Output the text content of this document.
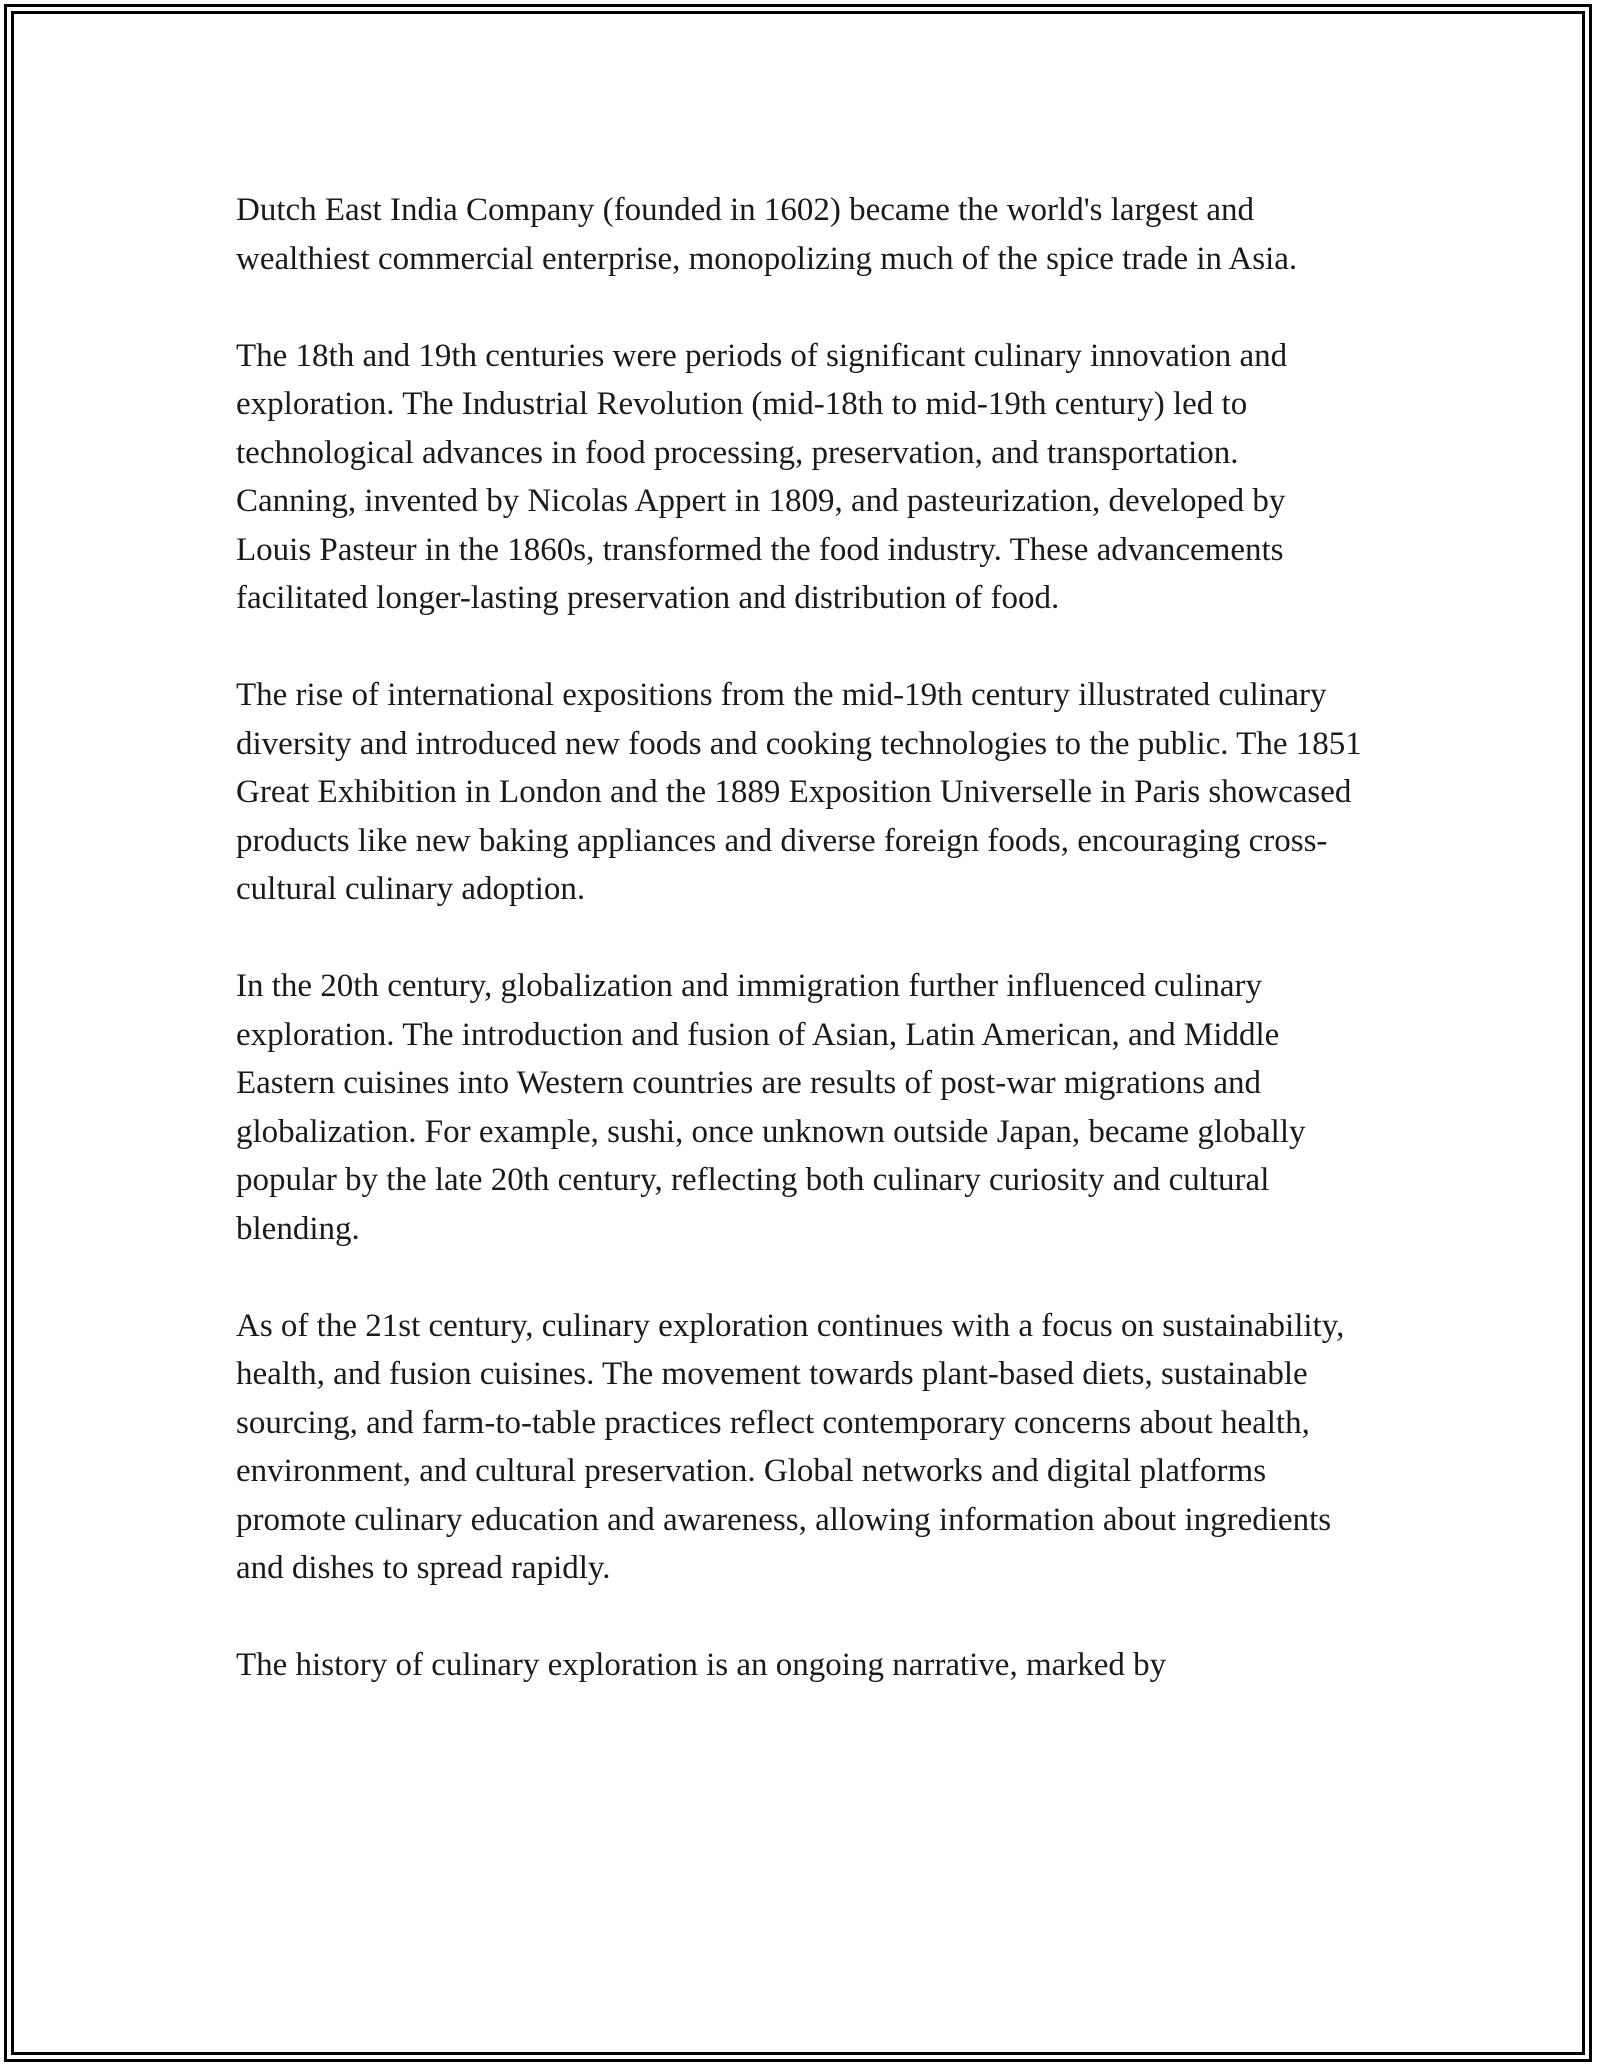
Dutch East India Company (founded in 1602) became the world's largest and wealthiest commercial enterprise, monopolizing much of the spice trade in Asia.

The 18th and 19th centuries were periods of significant culinary innovation and exploration. The Industrial Revolution (mid-18th to mid-19th century) led to technological advances in food processing, preservation, and transportation. Canning, invented by Nicolas Appert in 1809, and pasteurization, developed by Louis Pasteur in the 1860s, transformed the food industry. These advancements facilitated longer-lasting preservation and distribution of food.

The rise of international expositions from the mid-19th century illustrated culinary diversity and introduced new foods and cooking technologies to the public. The 1851 Great Exhibition in London and the 1889 Exposition Universelle in Paris showcased products like new baking appliances and diverse foreign foods, encouraging cross-cultural culinary adoption.

In the 20th century, globalization and immigration further influenced culinary exploration. The introduction and fusion of Asian, Latin American, and Middle Eastern cuisines into Western countries are results of post-war migrations and globalization. For example, sushi, once unknown outside Japan, became globally popular by the late 20th century, reflecting both culinary curiosity and cultural blending.

As of the 21st century, culinary exploration continues with a focus on sustainability, health, and fusion cuisines. The movement towards plant-based diets, sustainable sourcing, and farm-to-table practices reflect contemporary concerns about health, environment, and cultural preservation. Global networks and digital platforms promote culinary education and awareness, allowing information about ingredients and dishes to spread rapidly.

The history of culinary exploration is an ongoing narrative, marked by
